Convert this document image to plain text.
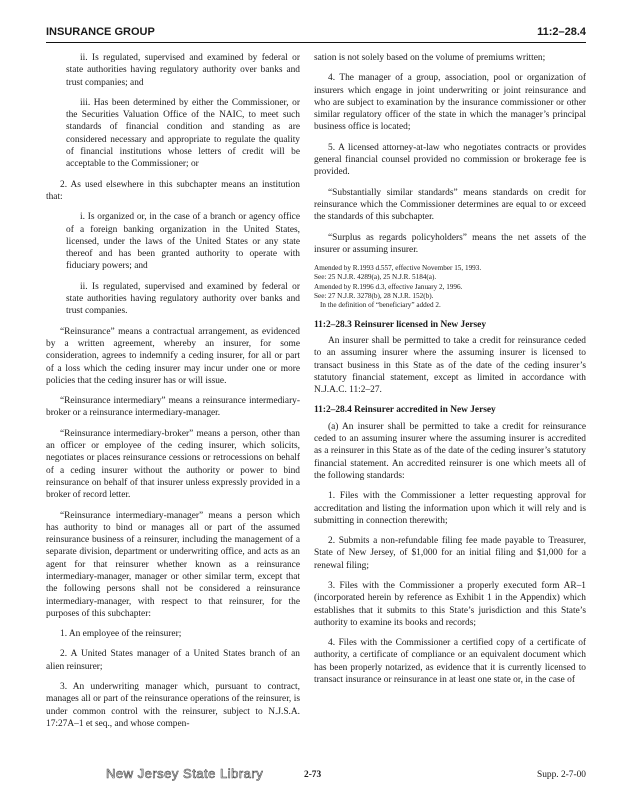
INSURANCE GROUP	11:2–28.4

ii. Is regulated, supervised and examined by federal or state authorities having regulatory authority over banks and trust companies; and

iii. Has been determined by either the Commissioner, or the Securities Valuation Office of the NAIC, to meet such standards of financial condition and standing as are considered necessary and appropriate to regulate the quality of financial institutions whose letters of credit will be acceptable to the Commissioner; or

2. As used elsewhere in this subchapter means an institution that:

i. Is organized or, in the case of a branch or agency office of a foreign banking organization in the United States, licensed, under the laws of the United States or any state thereof and has been granted authority to operate with fiduciary powers; and

ii. Is regulated, supervised and examined by federal or state authorities having regulatory authority over banks and trust companies.

“Reinsurance” means a contractual arrangement, as evidenced by a written agreement, whereby an insurer, for some consideration, agrees to indemnify a ceding insurer, for all or part of a loss which the ceding insurer may incur under one or more policies that the ceding insurer has or will issue.

“Reinsurance intermediary” means a reinsurance intermediary-broker or a reinsurance intermediary-manager.

“Reinsurance intermediary-broker” means a person, other than an officer or employee of the ceding insurer, which solicits, negotiates or places reinsurance cessions or retrocessions on behalf of a ceding insurer without the authority or power to bind reinsurance on behalf of that insurer unless expressly provided in a broker of record letter.

“Reinsurance intermediary-manager” means a person which has authority to bind or manages all or part of the assumed reinsurance business of a reinsurer, including the management of a separate division, department or underwriting office, and acts as an agent for that reinsurer whether known as a reinsurance intermediary-manager, manager or other similar term, except that the following persons shall not be considered a reinsurance intermediary-manager, with respect to that reinsurer, for the purposes of this subchapter:

1. An employee of the reinsurer;

2. A United States manager of a United States branch of an alien reinsurer;

3. An underwriting manager which, pursuant to contract, manages all or part of the reinsurance operations of the reinsurer, is under common control with the reinsurer, subject to N.J.S.A. 17:27A–1 et seq., and whose compen-

sation is not solely based on the volume of premiums written;

4. The manager of a group, association, pool or organization of insurers which engage in joint underwriting or joint reinsurance and who are subject to examination by the insurance commissioner or other similar regulatory officer of the state in which the manager’s principal business office is located;

5. A licensed attorney-at-law who negotiates contracts or provides general financial counsel provided no commission or brokerage fee is provided.

“Substantially similar standards” means standards on credit for reinsurance which the Commissioner determines are equal to or exceed the standards of this subchapter.

“Surplus as regards policyholders” means the net assets of the insurer or assuming insurer.

Amended by R.1993 d.557, effective November 15, 1993.
See: 25 N.J.R. 4289(a), 25 N.J.R. 5184(a).
Amended by R.1996 d.3, effective January 2, 1996.
See: 27 N.J.R. 3278(b), 28 N.J.R. 152(b).
In the definition of “beneficiary” added 2.
11:2–28.3 Reinsurer licensed in New Jersey

An insurer shall be permitted to take a credit for reinsurance ceded to an assuming insurer where the assuming insurer is licensed to transact business in this State as of the date of the ceding insurer’s statutory financial statement, except as limited in accordance with N.J.A.C. 11:2–27.

11:2–28.4 Reinsurer accredited in New Jersey

(a) An insurer shall be permitted to take a credit for reinsurance ceded to an assuming insurer where the assuming insurer is accredited as a reinsurer in this State as of the date of the ceding insurer’s statutory financial statement. An accredited reinsurer is one which meets all of the following standards:

1. Files with the Commissioner a letter requesting approval for accreditation and listing the information upon which it will rely and is submitting in connection therewith;

2. Submits a non-refundable filing fee made payable to Treasurer, State of New Jersey, of $1,000 for an initial filing and $1,000 for a renewal filing;

3. Files with the Commissioner a properly executed form AR–1 (incorporated herein by reference as Exhibit 1 in the Appendix) which establishes that it submits to this State’s jurisdiction and this State’s authority to examine its books and records;

4. Files with the Commissioner a certified copy of a certificate of authority, a certificate of compliance or an equivalent document which has been properly notarized, as evidence that it is currently licensed to transact insurance or reinsurance in at least one state or, in the case of

New Jersey State Library	2-73	Supp. 2-7-00
